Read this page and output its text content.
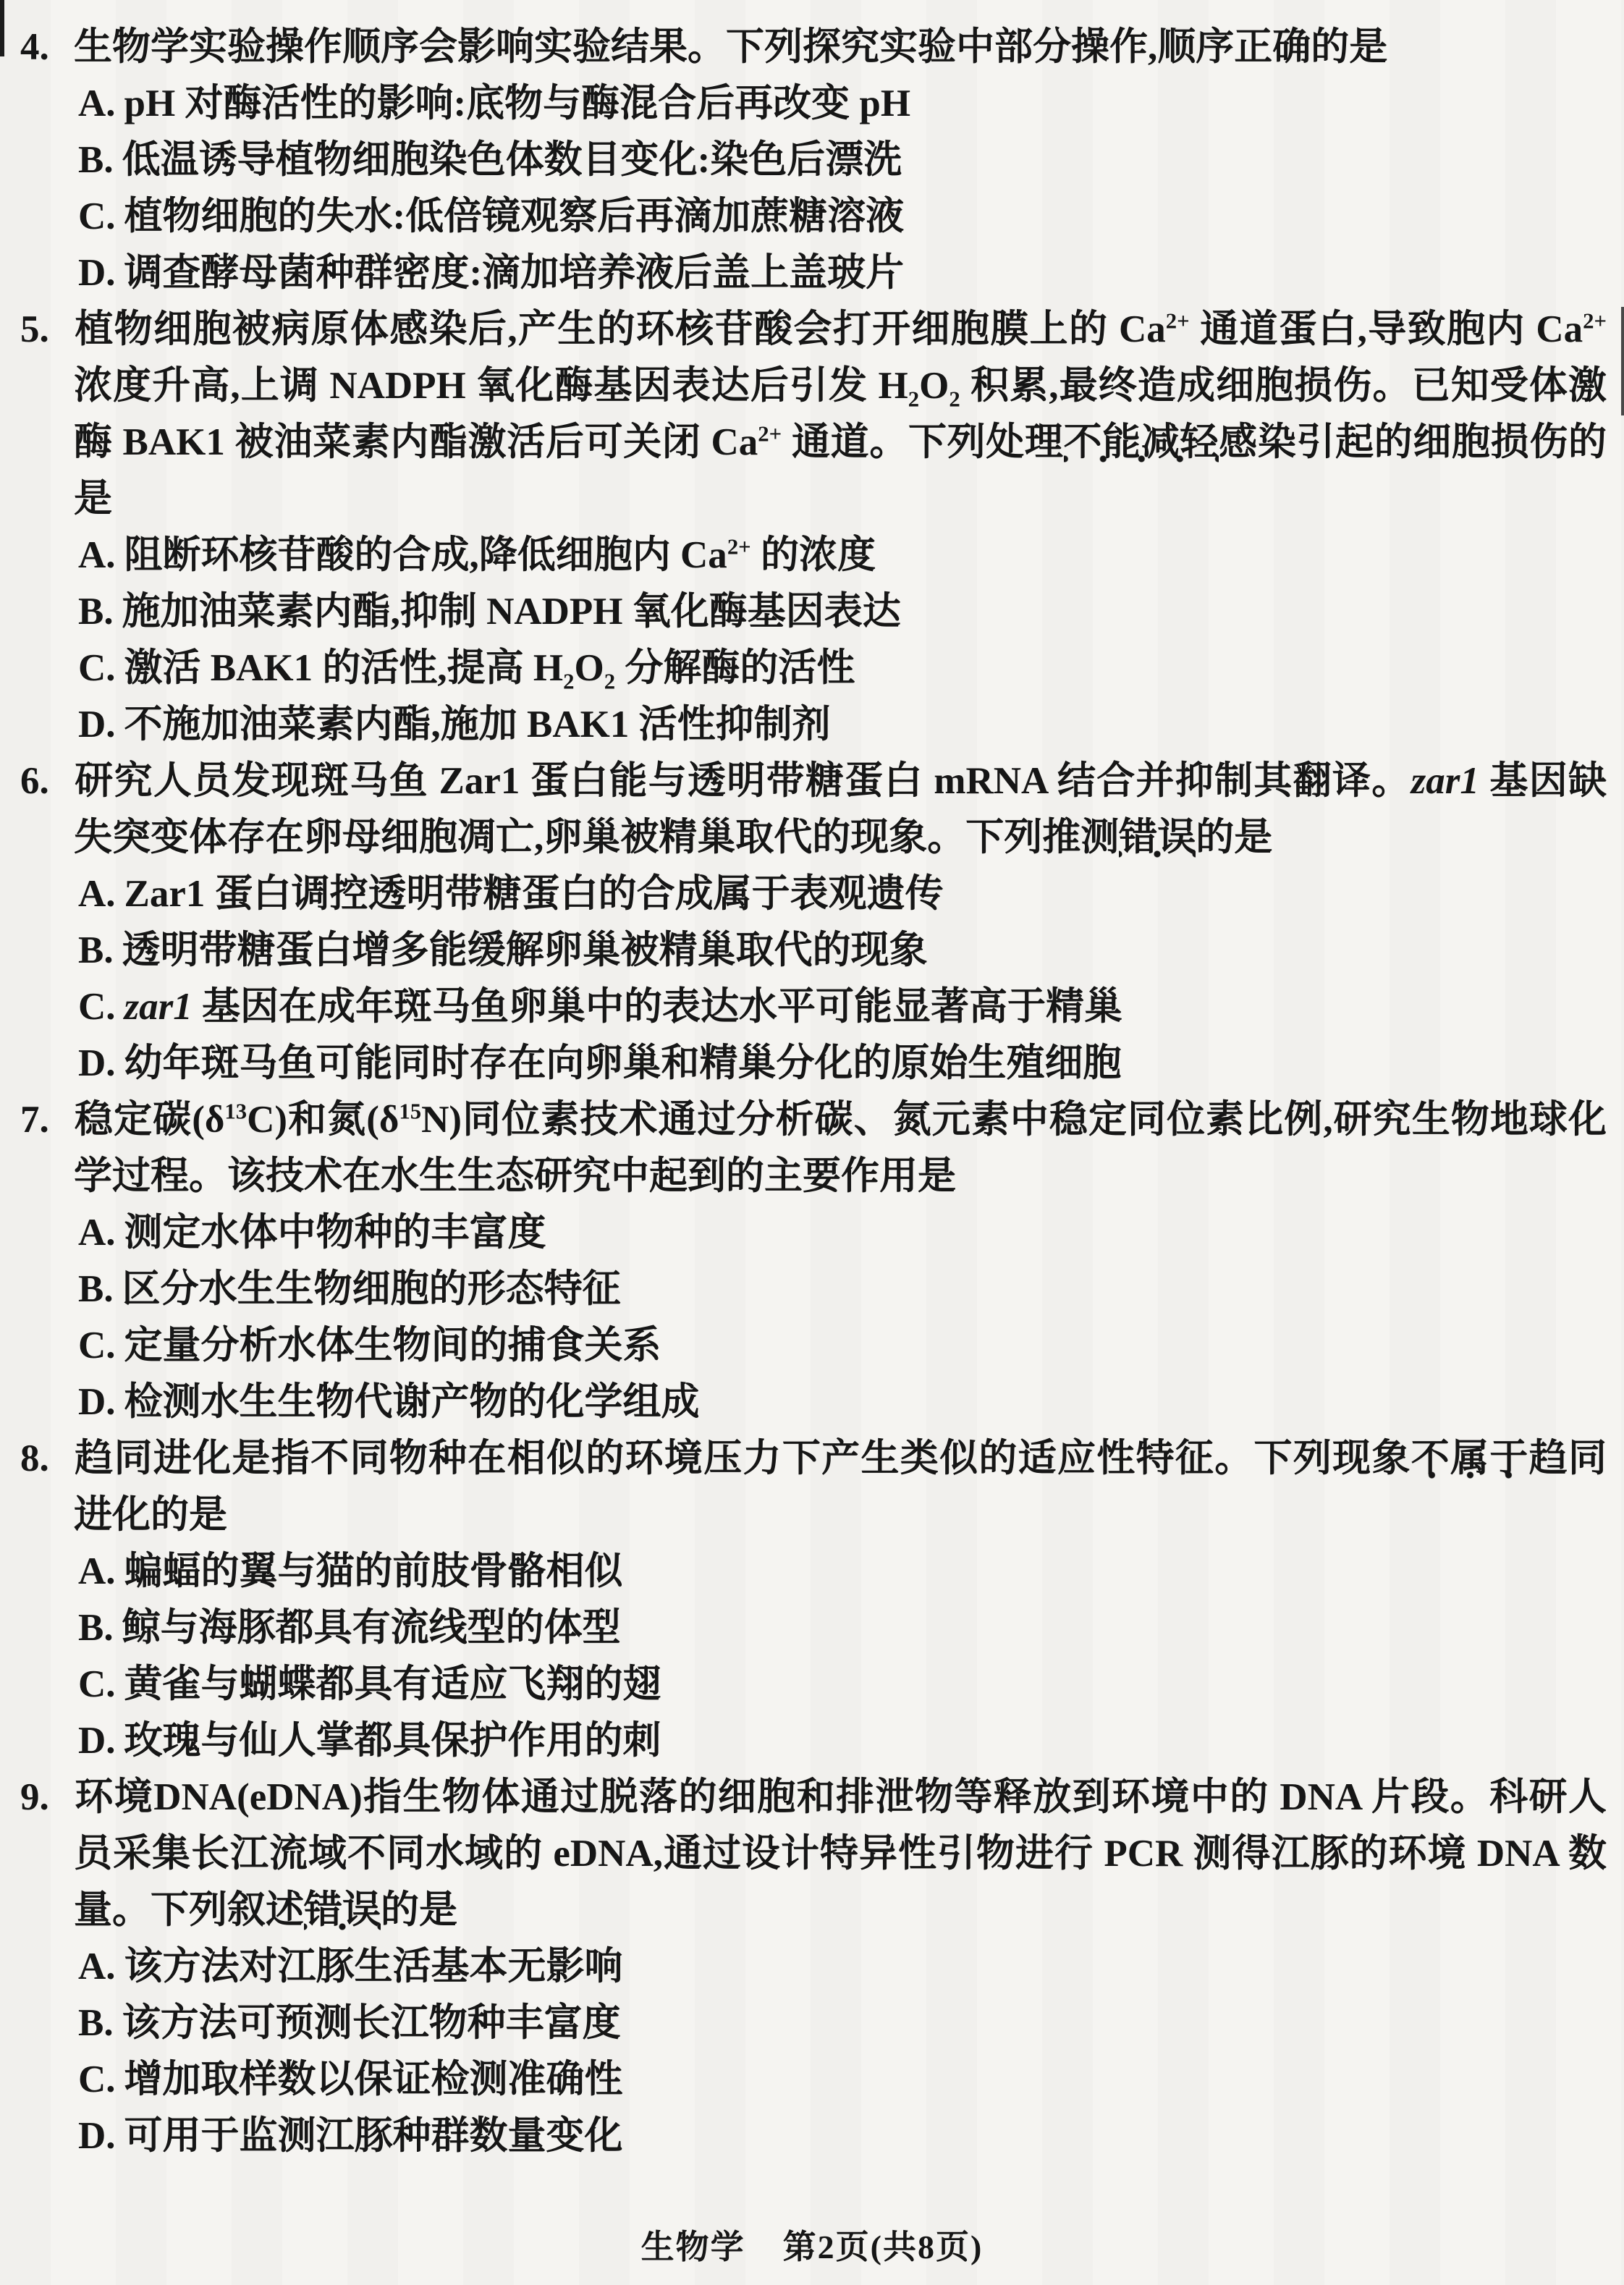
4. 生物学实验操作顺序会影响实验结果。下列探究实验中部分操作,顺序正确的是
A. pH 对酶活性的影响:底物与酶混合后再改变 pH
B. 低温诱导植物细胞染色体数目变化:染色后漂洗
C. 植物细胞的失水:低倍镜观察后再滴加蔗糖溶液
D. 调查酵母菌种群密度:滴加培养液后盖上盖玻片
5. 植物细胞被病原体感染后,产生的环核苷酸会打开细胞膜上的 $Ca^{2+}$ 通道蛋白,导致胞内 $Ca^{2+}$ 浓度升高,上调 NADPH 氧化酶基因表达后引发 $H_2O_2$ 积累,最终造成细胞损伤。已知受体激酶 BAK1 被油菜素内酯激活后可关闭 $Ca^{2+}$ 通道。下列处理不能减轻感染引起的细胞损伤的是
A. 阻断环核苷酸的合成,降低细胞内 $Ca^{2+}$ 的浓度
B. 施加油菜素内酯,抑制 NADPH 氧化酶基因表达
C. 激活 BAK1 的活性,提高 $H_2O_2$ 分解酶的活性
D. 不施加油菜素内酯,施加 BAK1 活性抑制剂
6. 研究人员发现斑马鱼 Zar1 蛋白能与透明带糖蛋白 mRNA 结合并抑制其翻译。zar1 基因缺失突变体存在卵母细胞凋亡,卵巢被精巢取代的现象。下列推测错误的是
A. Zar1 蛋白调控透明带糖蛋白的合成属于表观遗传
B. 透明带糖蛋白增多能缓解卵巢被精巢取代的现象
C. zar1 基因在成年斑马鱼卵巢中的表达水平可能显著高于精巢
D. 幼年斑马鱼可能同时存在向卵巢和精巢分化的原始生殖细胞
7. 稳定碳$(\delta^{13}C)$和氮$(\delta^{15}N)$同位素技术通过分析碳、氮元素中稳定同位素比例,研究生物地球化学过程。该技术在水生生态研究中起到的主要作用是
A. 测定水体中物种的丰富度
B. 区分水生生物细胞的形态特征
C. 定量分析水体生物间的捕食关系
D. 检测水生生物代谢产物的化学组成
8. 趋同进化是指不同物种在相似的环境压力下产生类似的适应性特征。下列现象不属于趋同进化的是
A. 蝙蝠的翼与猫的前肢骨骼相似
B. 鲸与海豚都具有流线型的体型
C. 黄雀与蝴蝶都具有适应飞翔的翅
D. 玫瑰与仙人掌都具保护作用的刺
9. 环境DNA(eDNA)指生物体通过脱落的细胞和排泄物等释放到环境中的 DNA 片段。科研人员采集长江流域不同水域的 eDNA,通过设计特异性引物进行 PCR 测得江豚的环境 DNA 数量。下列叙述错误的是
A. 该方法对江豚生活基本无影响
B. 该方法可预测长江物种丰富度
C. 增加取样数以保证检测准确性
D. 可用于监测江豚种群数量变化
生物学 第2页(共8页)
